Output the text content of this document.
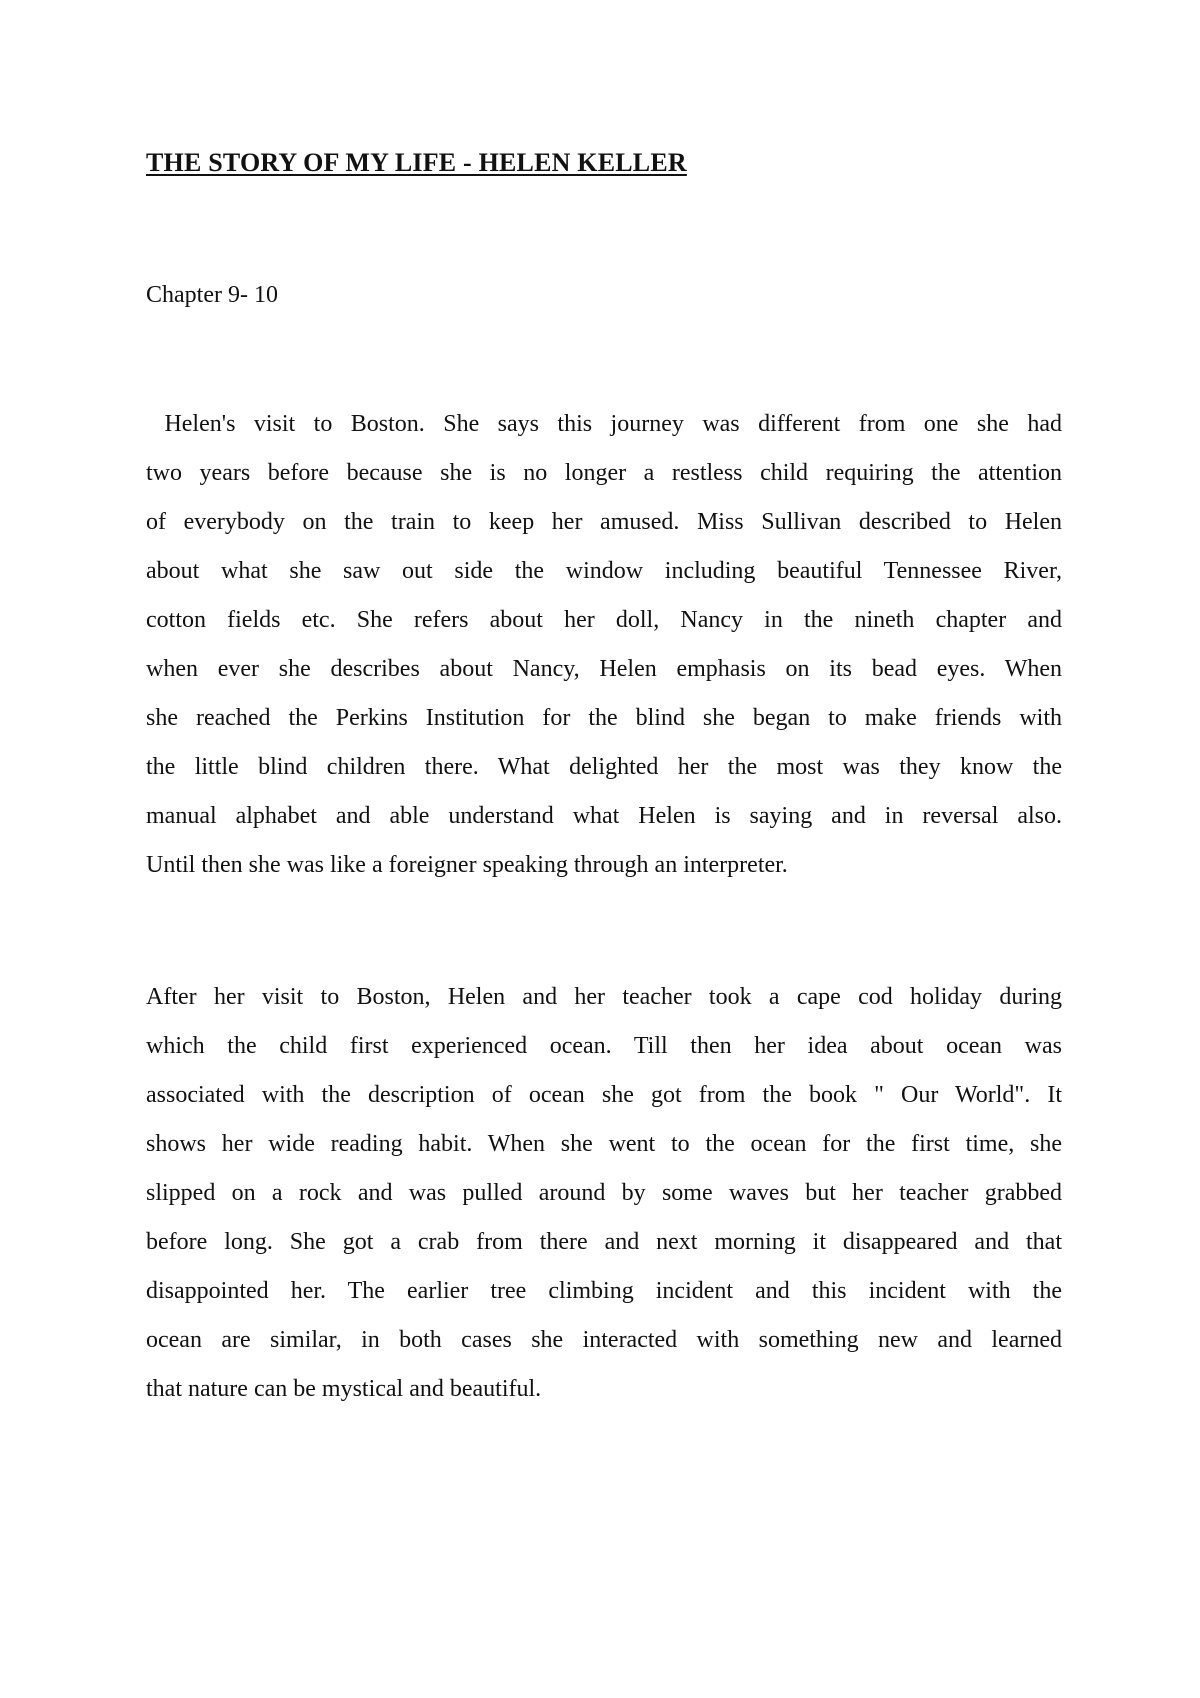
THE STORY OF MY LIFE - HELEN KELLER

Chapter 9- 10

Helen's visit to Boston. She says this journey was different from one she had
two years before because she is no longer a restless child requiring the attention
of everybody on the train to keep her amused. Miss Sullivan described to Helen
about what she saw out side the window including beautiful Tennessee River,
cotton fields etc. She refers about her doll, Nancy in the nineth chapter and
when ever she describes about Nancy, Helen emphasis on its bead eyes. When
she reached the Perkins Institution for the blind she began to make friends with
the little blind children there. What delighted her the most was they know the
manual alphabet and able understand what Helen is saying and in reversal also.
Until then she was like a foreigner speaking through an interpreter.
After her visit to Boston, Helen and her teacher took a cape cod holiday during
which the child first experienced ocean. Till then her idea about ocean was
associated with the description of ocean she got from the book " Our World". It
shows her wide reading habit. When she went to the ocean for the first time, she
slipped on a rock and was pulled around by some waves but her teacher grabbed
before long. She got a crab from there and next morning it disappeared and that
disappointed her. The earlier tree climbing incident and this incident with the
ocean are similar, in both cases she interacted with something new and learned
that nature can be mystical and beautiful.
